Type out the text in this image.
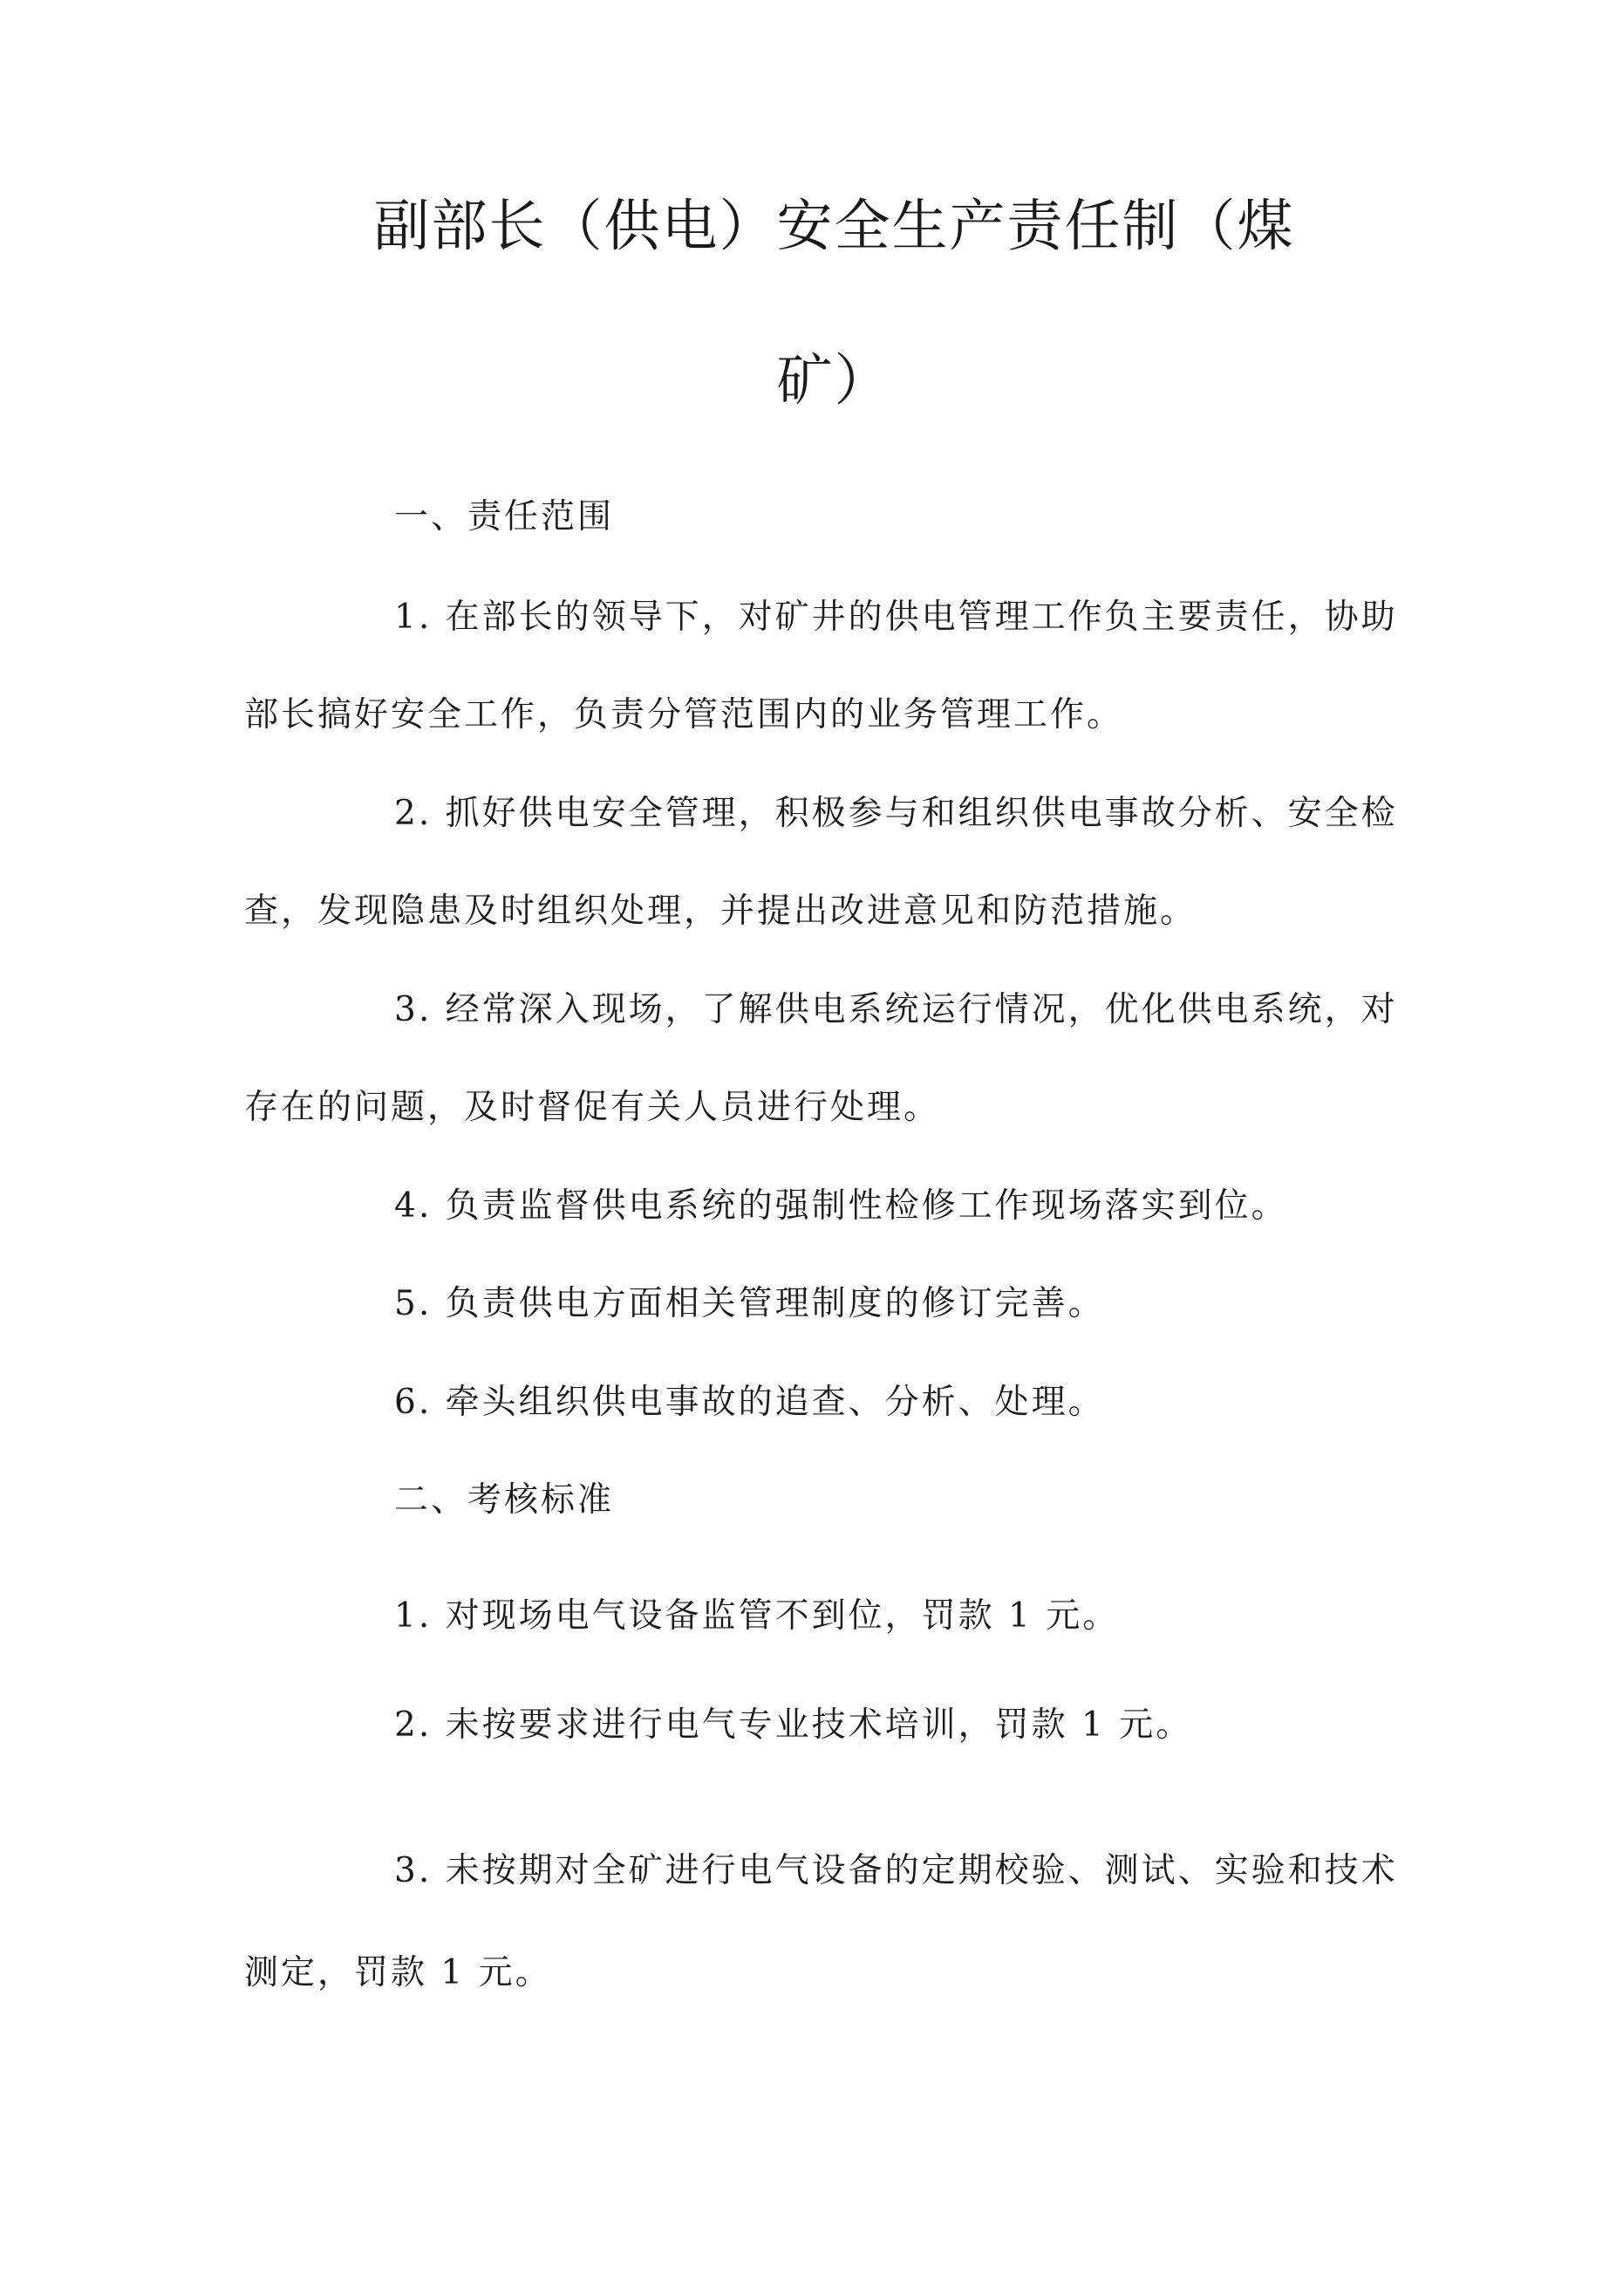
副部长（供电）安全生产责任制（煤
矿）
一、责任范围
1. 在部长的领导下，对矿井的供电管理工作负主要责任，协助
部长搞好安全工作，负责分管范围内的业务管理工作。
2. 抓好供电安全管理，积极参与和组织供电事故分析、安全检
查，发现隐患及时组织处理，并提出改进意见和防范措施。
3. 经常深入现场，了解供电系统运行情况，优化供电系统，对
存在的问题，及时督促有关人员进行处理。
4. 负责监督供电系统的强制性检修工作现场落实到位。
5. 负责供电方面相关管理制度的修订完善。
6. 牵头组织供电事故的追查、分析、处理。
二、考核标准
1. 对现场电气设备监管不到位，罚款 1 元。
2. 未按要求进行电气专业技术培训，罚款 1 元。
3. 未按期对全矿进行电气设备的定期校验、测试、实验和技术
测定，罚款 1 元。
